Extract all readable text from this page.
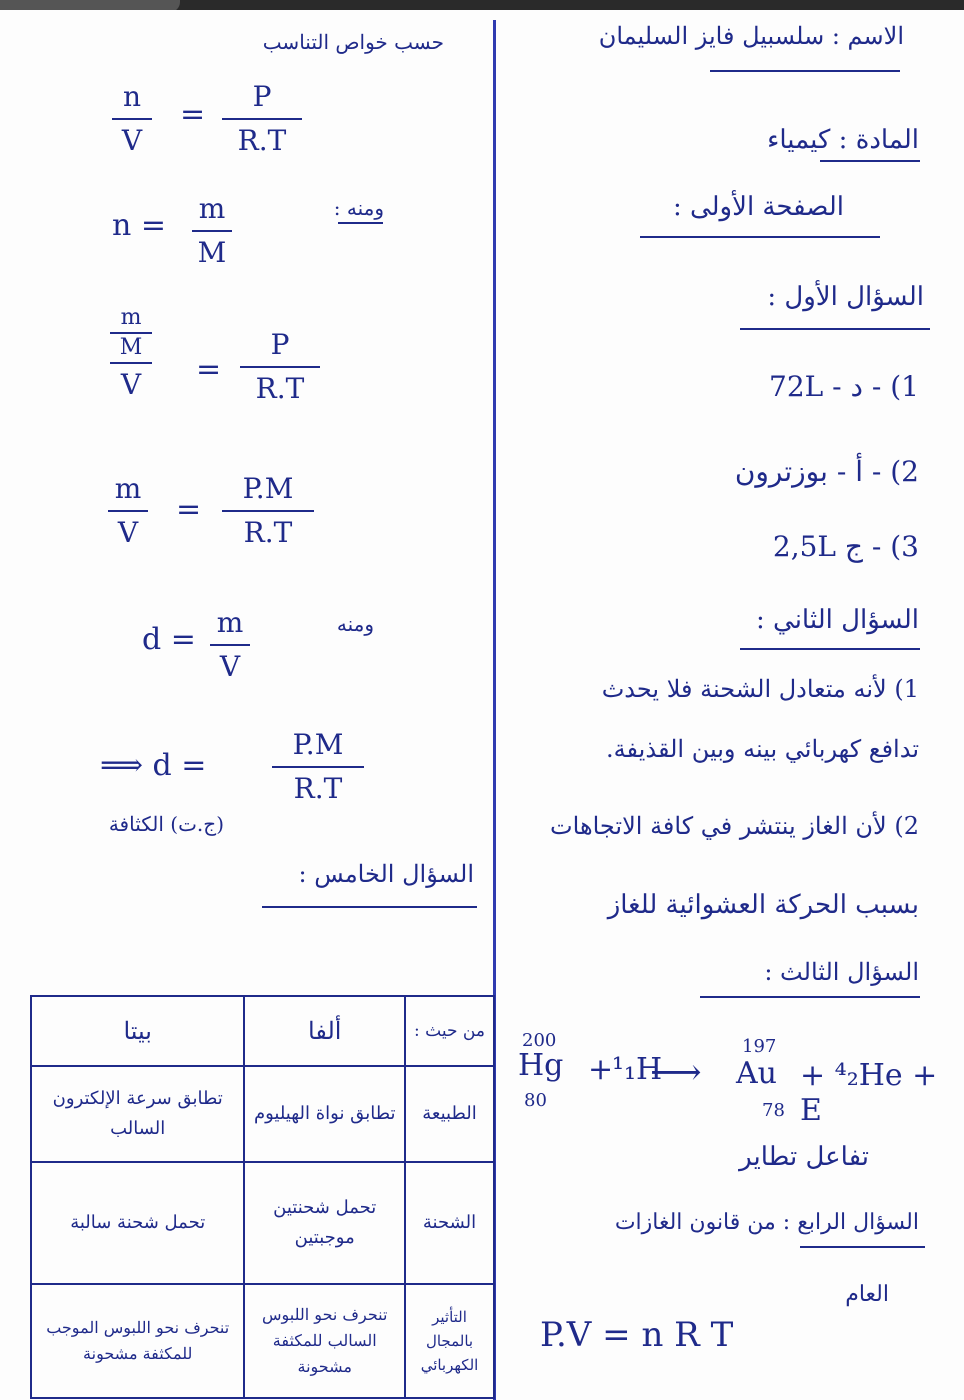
الاسم : سلسبيل فايز السليمان
المادة : كيمياء
الصفحة الأولى :
السؤال الأول :
1) - د - 72L
2) - أ - بوزترون
3) - ج 2,5L
السؤال الثاني :
1) لأنه متعادل الشحنة فلا يحدث
تدافع كهربائي بينه وبين القذيفة.
2) لأن الغاز ينتشر في كافة الاتجاهات
بسبب الحركة العشوائية للغاز
السؤال الثالث :
200
Hg
80
+
¹₁H
⟶
197
Au
78
+ ⁴₂He + E
تفاعل تطاير
السؤال الرابع : من قانون الغازات
العام
P.V = n R T
حسب خواص التناسب
n
V
=
P
R.T
n = m
M
ومنه :
m
M
V	=
P
R.T
m
V
=
P.M
R.T
d = m
V
ومنه
⟹ d =
P.M
R.T
(ج.ت) الكثافة
السؤال الخامس :
بيتا	ألفا	من حيث :
تطابق سرعة الإلكترون السالب	تطابق نواة الهيليوم	الطبيعة
تحمل شحنة سالبة	تحمل شحنتين موجبتين	الشحنة
تنحرف نحو اللبوس الموجب للمكثفة مشحونة	تنحرف نحو اللبوس السالب للمكثفة مشحونة	التأثير بالمجال الكهربائي
